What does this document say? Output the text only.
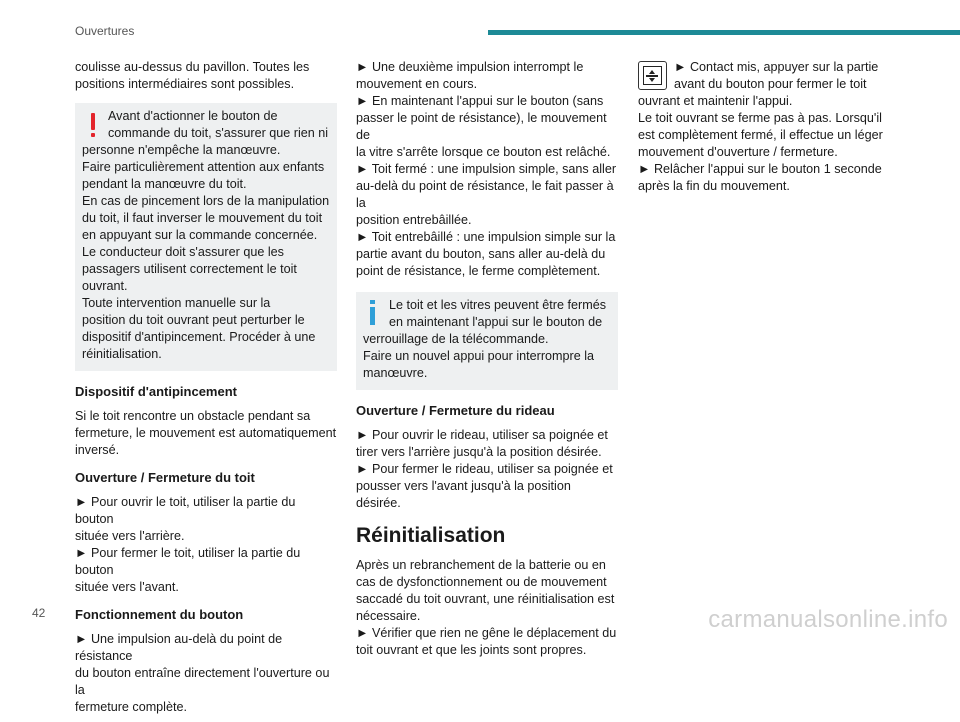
Ouvertures
coulisse au-dessus du pavillon. Toutes les
positions intermédiaires sont possibles.
Avant d'actionner le bouton de
commande du toit, s'assurer que rien ni
personne n'empêche la manœuvre.
Faire particulièrement attention aux enfants
pendant la manœuvre du toit.
En cas de pincement lors de la manipulation
du toit, il faut inverser le mouvement du toit
en appuyant sur la commande concernée.
Le conducteur doit s'assurer que les
passagers utilisent correctement le toit
ouvrant.
Toute intervention manuelle sur la
position du toit ouvrant peut perturber le
dispositif d'antipincement. Procéder à une
réinitialisation.
Dispositif d'antipincement
Si le toit rencontre un obstacle pendant sa
fermeture, le mouvement est automatiquement
inversé.
Ouverture / Fermeture du toit
► Pour ouvrir le toit, utiliser la partie du bouton
située vers l'arrière.
► Pour fermer le toit, utiliser la partie du bouton
située vers l'avant.
Fonctionnement du bouton
► Une impulsion au-delà du point de résistance
du bouton entraîne directement l'ouverture ou la
fermeture complète.
► Une deuxième impulsion interrompt le
mouvement en cours.
► En maintenant l'appui sur le bouton (sans
passer le point de résistance), le mouvement de
la vitre s'arrête lorsque ce bouton est relâché.
► Toit fermé : une impulsion simple, sans aller
au-delà du point de résistance, le fait passer à la
position entrebâillée.
► Toit entrebâillé : une impulsion simple sur la
partie avant du bouton, sans aller au-delà du
point de résistance, le ferme complètement.
Le toit et les vitres peuvent être fermés
en maintenant l'appui sur le bouton de
verrouillage de la télécommande.
Faire un nouvel appui pour interrompre la
manœuvre.
Ouverture / Fermeture du rideau
► Pour ouvrir le rideau, utiliser sa poignée et
tirer vers l'arrière jusqu'à la position désirée.
► Pour fermer le rideau, utiliser sa poignée et
pousser vers l'avant jusqu'à la position désirée.
Réinitialisation
Après un rebranchement de la batterie ou en
cas de dysfonctionnement ou de mouvement
saccadé du toit ouvrant, une réinitialisation est
nécessaire.
► Vérifier que rien ne gêne le déplacement du
toit ouvrant et que les joints sont propres.
► Contact mis, appuyer sur la partie
avant du bouton pour fermer le toit
ouvrant et maintenir l'appui.
Le toit ouvrant se ferme pas à pas. Lorsqu'il
est complètement fermé, il effectue un léger
mouvement d'ouverture / fermeture.
► Relâcher l'appui sur le bouton 1 seconde
après la fin du mouvement.
42	carmanualsonline.info
